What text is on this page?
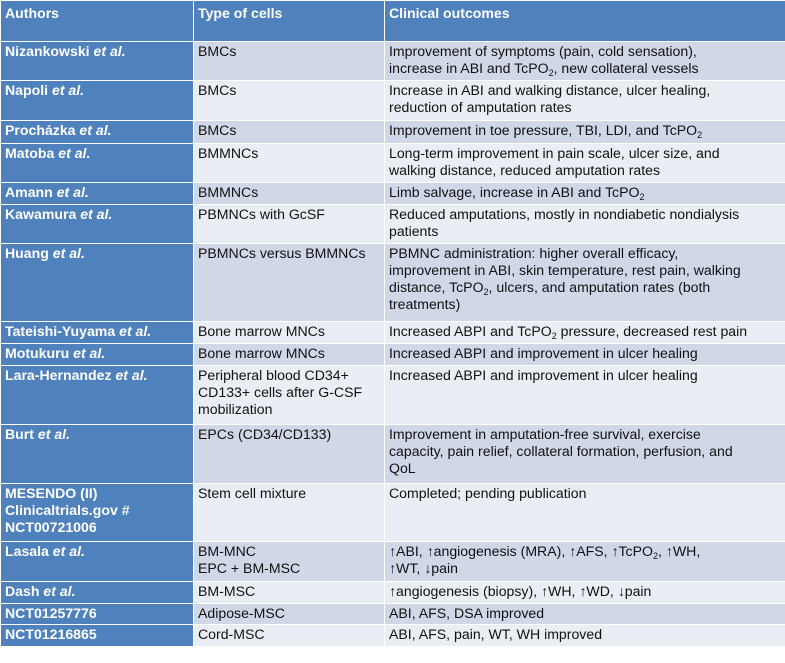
Authors	Type of cells	Clinical outcomes

Nizankowski et al.	BMCs	Improvement of symptoms (pain, cold sensation),
increase in ABI and TcPO$_2$, new collateral vessels

Napoli et al.	BMCs	Increase in ABI and walking distance, ulcer healing,
reduction of amputation rates

Procházka et al.	BMCs	Improvement in toe pressure, TBI, LDI, and TcPO$_2$

Matoba et al.	BMMNCs	Long-term improvement in pain scale, ulcer size, and
walking distance, reduced amputation rates

Amann et al.	BMMNCs	Limb salvage, increase in ABI and TcPO$_2$

Kawamura et al.	PBMNCs with GcSF	Reduced amputations, mostly in nondiabetic nondialysis
patients

Huang et al.	PBMNCs versus BMMNCs	PBMNC administration: higher overall efficacy,
improvement in ABI, skin temperature, rest pain, walking
distance, TcPO$_2$, ulcers, and amputation rates (both
treatments)

Tateishi-Yuyama et al.	Bone marrow MNCs	Increased ABPI and TcPO$_2$ pressure, decreased rest pain

Motukuru et al.	Bone marrow MNCs	Increased ABPI and improvement in ulcer healing

Lara-Hernandez et al.	Peripheral blood CD34+
CD133+ cells after G-CSF
mobilization	Increased ABPI and improvement in ulcer healing

Burt et al.	EPCs (CD34/CD133)	Improvement in amputation-free survival, exercise
capacity, pain relief, collateral formation, perfusion, and
QoL

MESENDO (II)
Clinicaltrials.gov #
NCT00721006	Stem cell mixture	Completed; pending publication

Lasala et al.	BM-MNC
EPC + BM-MSC	↑ABI, ↑angiogenesis (MRA), ↑AFS, ↑TcPO$_2$, ↑WH,
↑WT, ↓pain

Dash et al.	BM-MSC	↑angiogenesis (biopsy), ↑WH, ↑WD, ↓pain

NCT01257776	Adipose-MSC	ABI, AFS, DSA improved

NCT01216865	Cord-MSC	ABI, AFS, pain, WT, WH improved
